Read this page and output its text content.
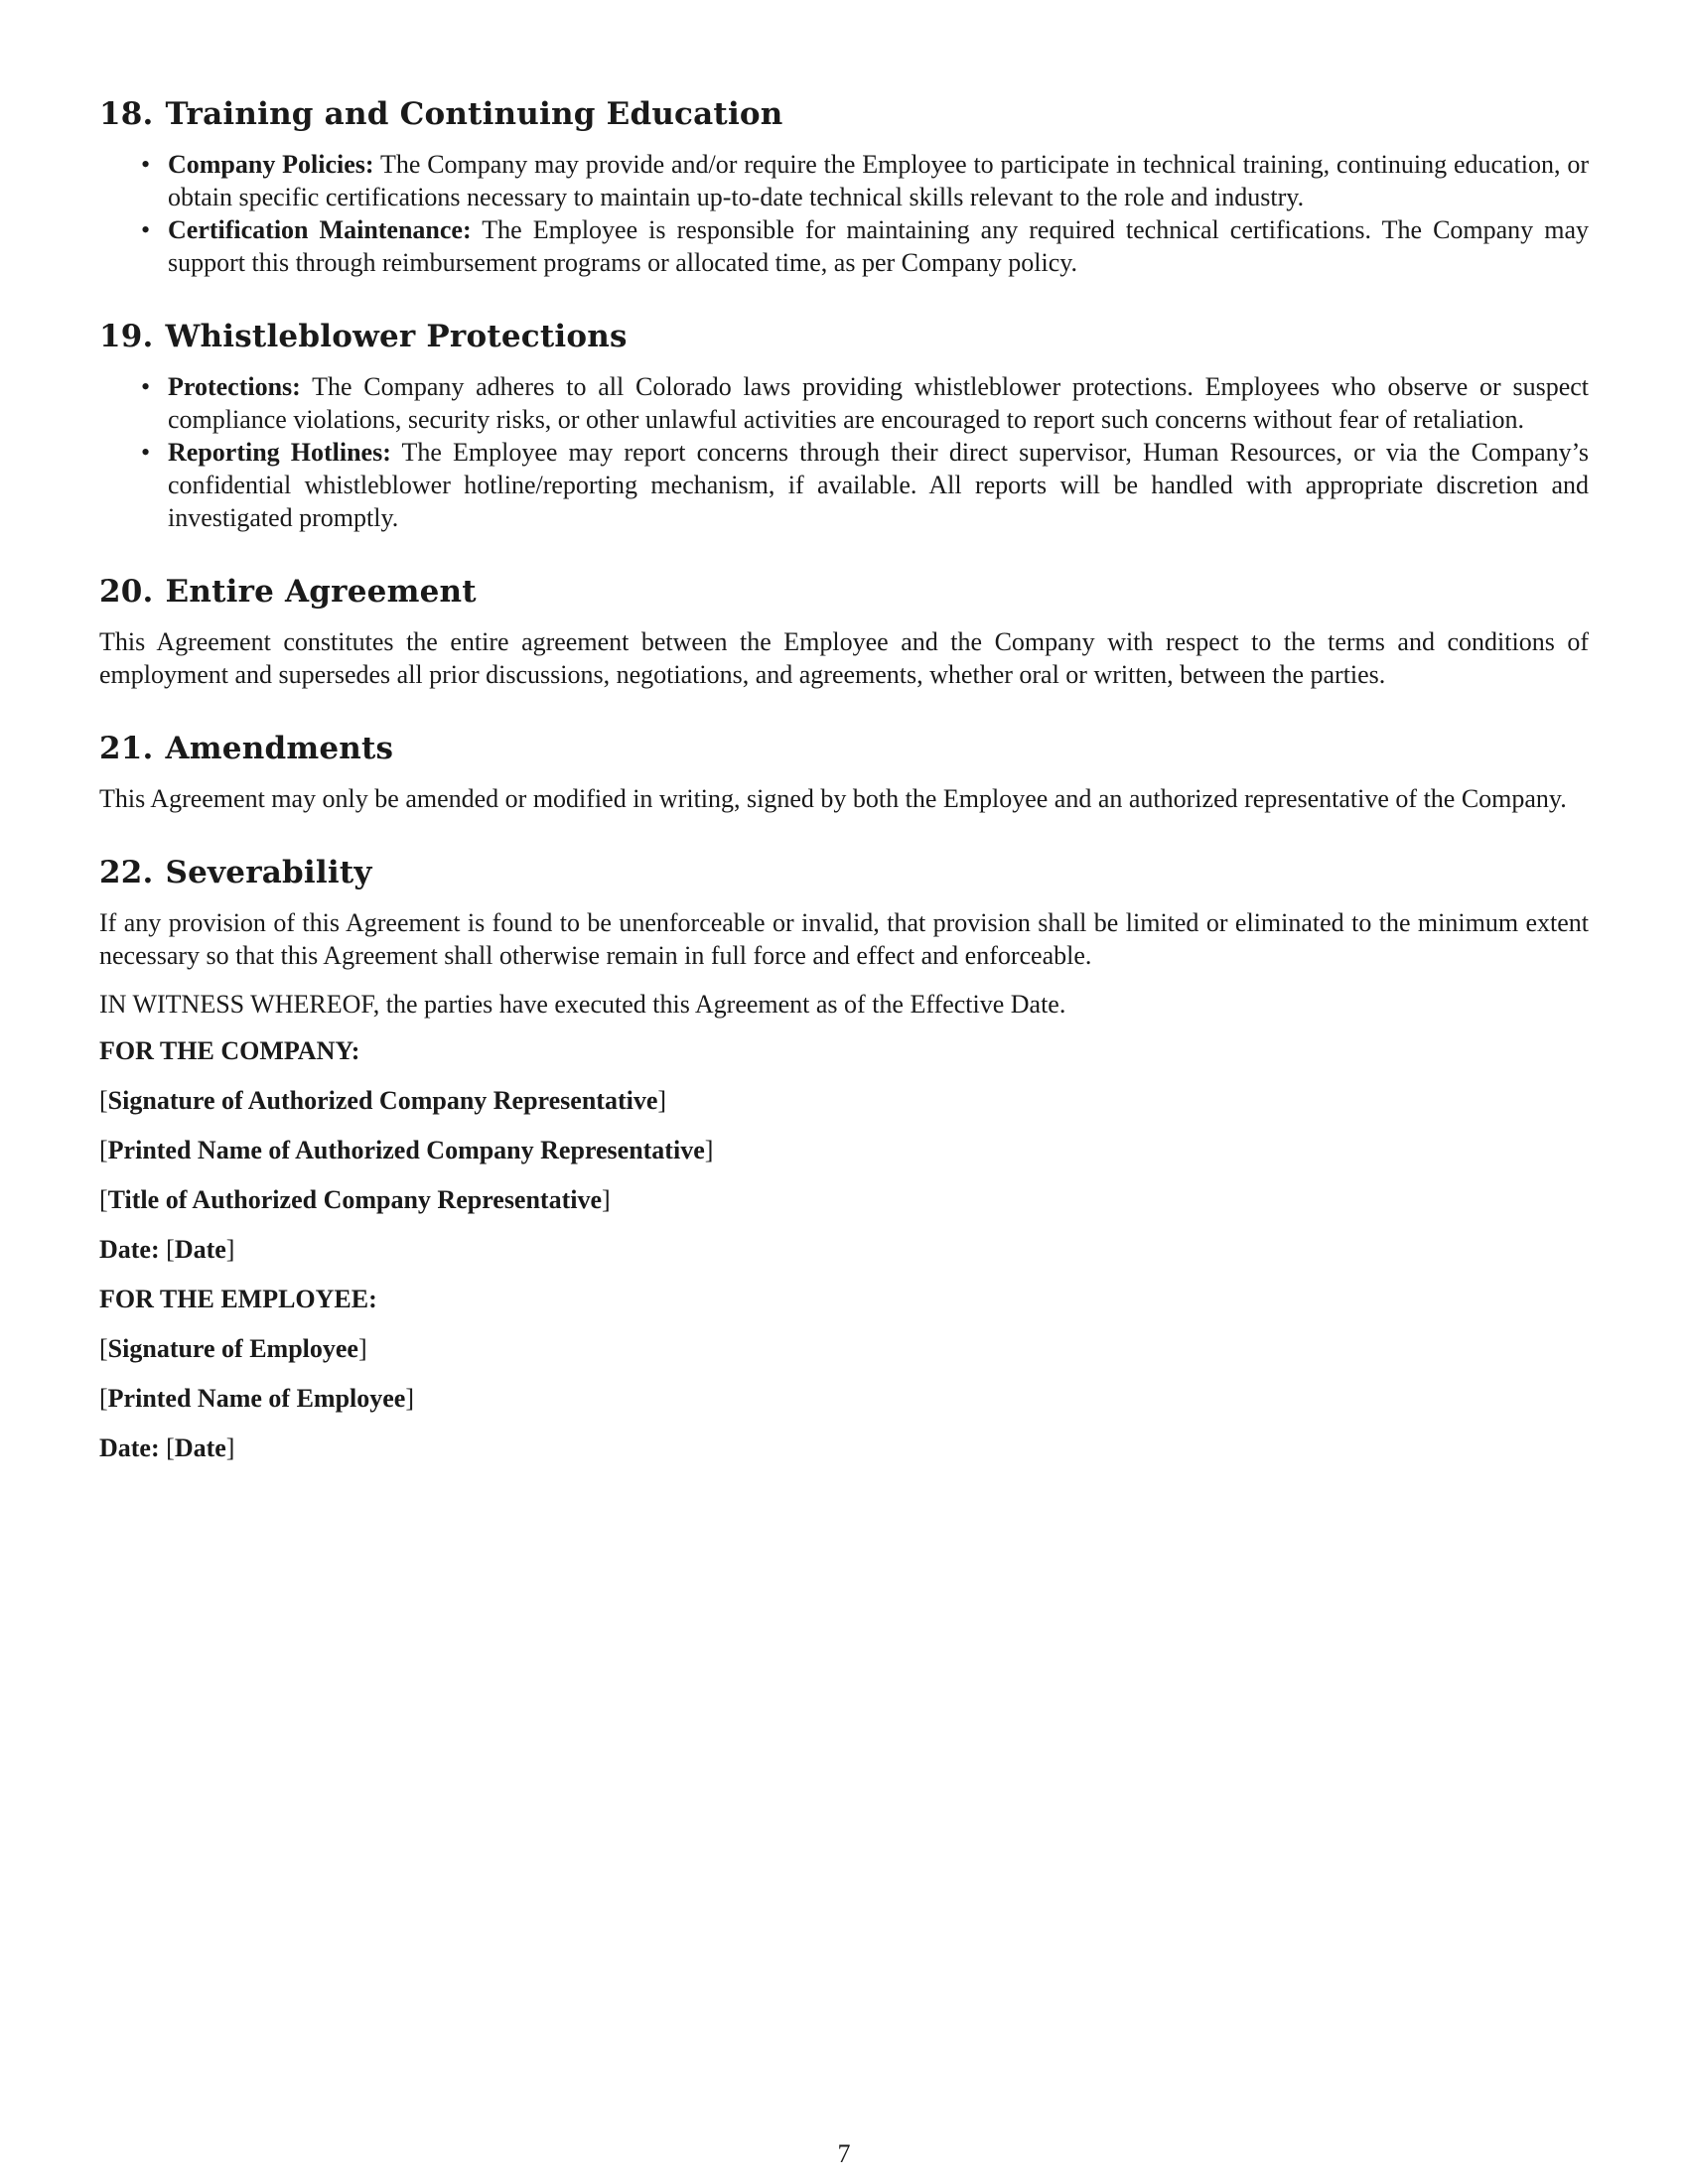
18. Training and Continuing Education
• Company Policies: The Company may provide and/or require the Employee to participate in technical training, continuing education, or obtain specific certifications necessary to maintain up-to-date technical skills relevant to the role and industry.
• Certification Maintenance: The Employee is responsible for maintaining any required technical certifications. The Company may support this through reimbursement programs or allocated time, as per Company policy.
19. Whistleblower Protections
• Protections: The Company adheres to all Colorado laws providing whistleblower protections. Employees who observe or suspect compliance violations, security risks, or other unlawful activities are encouraged to report such concerns without fear of retaliation.
• Reporting Hotlines: The Employee may report concerns through their direct supervisor, Human Resources, or via the Company’s confidential whistleblower hotline/reporting mechanism, if available. All reports will be handled with appropriate discretion and investigated promptly.
20. Entire Agreement

This Agreement constitutes the entire agreement between the Employee and the Company with respect to the terms and conditions of employment and supersedes all prior discussions, negotiations, and agreements, whether oral or written, between the parties.

21. Amendments

This Agreement may only be amended or modified in writing, signed by both the Employee and an authorized representative of the Company.

22. Severability

If any provision of this Agreement is found to be unenforceable or invalid, that provision shall be limited or eliminated to the minimum extent necessary so that this Agreement shall otherwise remain in full force and effect and enforceable.

IN WITNESS WHEREOF, the parties have executed this Agreement as of the Effective Date.

FOR THE COMPANY:
[Signature of Authorized Company Representative]
[Printed Name of Authorized Company Representative]
[Title of Authorized Company Representative]
Date: [Date]
FOR THE EMPLOYEE:
[Signature of Employee]
[Printed Name of Employee]
Date: [Date]
7
